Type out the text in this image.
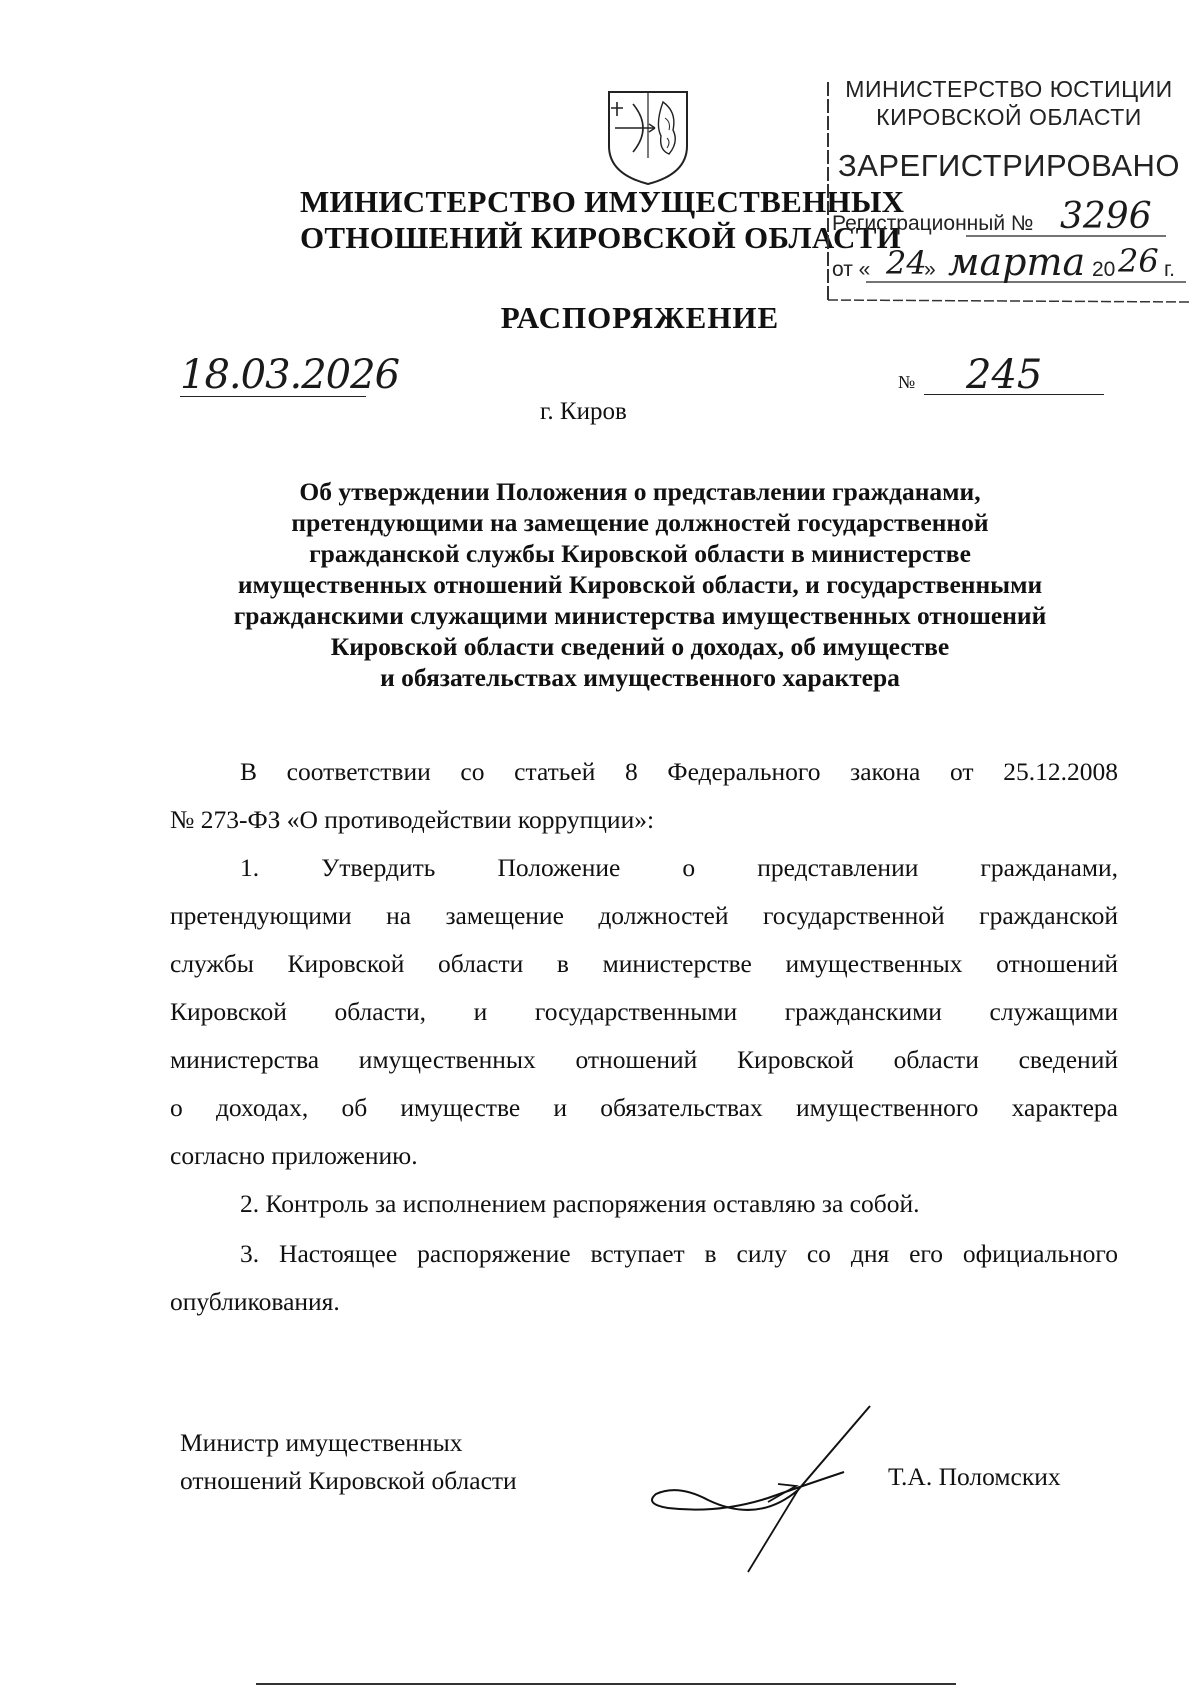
МИНИСТЕРСТВО ИМУЩЕСТВЕННЫХ
ОТНОШЕНИЙ КИРОВСКОЙ ОБЛАСТИ
РАСПОРЯЖЕНИЕ
МИНИСТЕРСТВО ЮСТИЦИИ
КИРОВСКОЙ ОБЛАСТИ
ЗАРЕГИСТРИРОВАНО
Регистрационный № 3296
от « 24
» марта 20 26 г.
18.03.2026	№ 245
г. Киров
Об утверждении Положения о представлении гражданами,
претендующими на замещение должностей государственной
гражданской службы Кировской области в министерстве
имущественных отношений Кировской области, и государственными
гражданскими служащими министерства имущественных отношений
Кировской области сведений о доходах, об имуществе
и обязательствах имущественного характера
В соответствии со статьей 8 Федерального закона от 25.12.2008
№ 273-ФЗ «О противодействии коррупции»:
1. Утвердить Положение о представлении гражданами,
претендующими на замещение должностей государственной гражданской
службы Кировской области в министерстве имущественных отношений
Кировской области, и государственными гражданскими служащими
министерства имущественных отношений Кировской области сведений
о доходах, об имуществе и обязательствах имущественного характера
согласно приложению.
2. Контроль за исполнением распоряжения оставляю за собой.
3. Настоящее распоряжение вступает в силу со дня его официального
опубликования.
Министр имущественных
отношений Кировской области	Т.А. Поломских
